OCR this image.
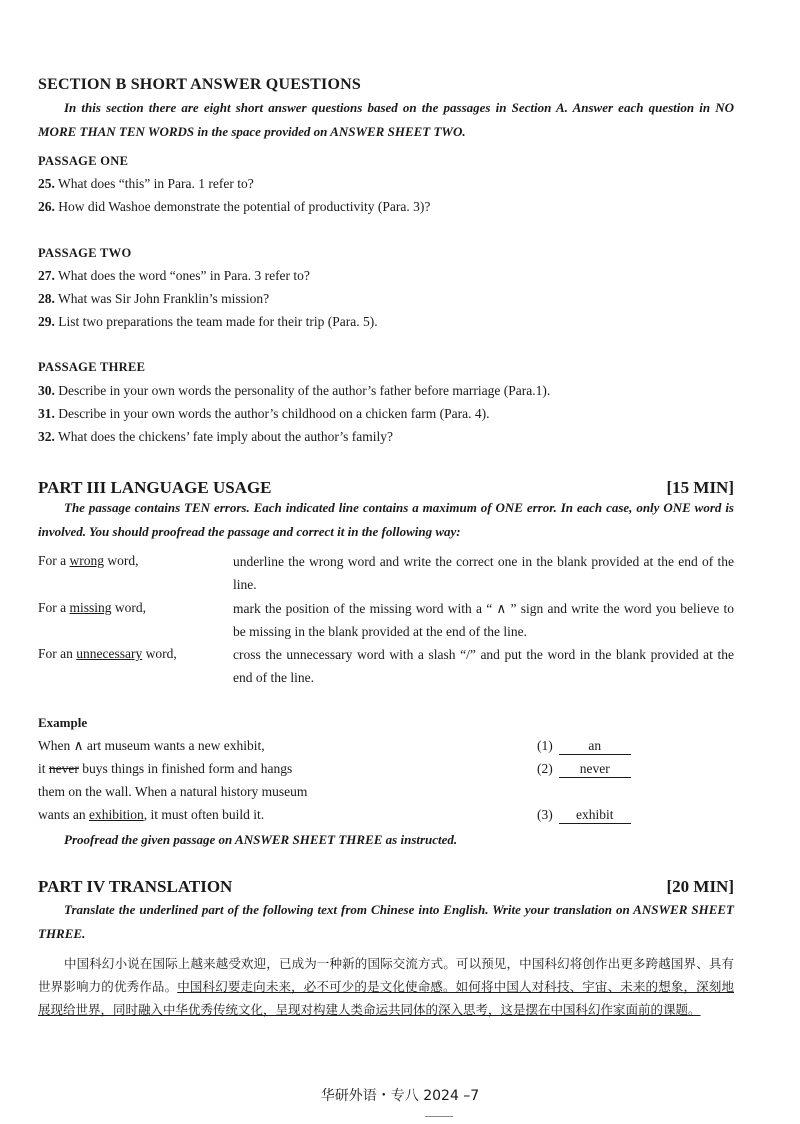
SECTION B SHORT ANSWER QUESTIONS
In this section there are eight short answer questions based on the passages in Section A. Answer each question in NO MORE THAN TEN WORDS in the space provided on ANSWER SHEET TWO.
PASSAGE ONE
25. What does “this” in Para. 1 refer to?
26. How did Washoe demonstrate the potential of productivity (Para. 3)?
PASSAGE TWO
27. What does the word “ones” in Para. 3 refer to?
28. What was Sir John Franklin’s mission?
29. List two preparations the team made for their trip (Para. 5).
PASSAGE THREE
30. Describe in your own words the personality of the author’s father before marriage (Para.1).
31. Describe in your own words the author’s childhood on a chicken farm (Para. 4).
32. What does the chickens’ fate imply about the author’s family?
PART III LANGUAGE USAGE	[15 MIN]
The passage contains TEN errors. Each indicated line contains a maximum of ONE error. In each case, only ONE word is involved. You should proofread the passage and correct it in the following way:
For a wrong word,	underline the wrong word and write the correct one in the blank provided at the end of the line.
For a missing word,	mark the position of the missing word with a “ ∧ ” sign and write the word you believe to be missing in the blank provided at the end of the line.
For an unnecessary word,	cross the unnecessary word with a slash “/” and put the word in the blank provided at the end of the line.
Example
When ∧ art museum wants a new exhibit,
it never buys things in finished form and hangs
them on the wall. When a natural history museum
wants an exhibition, it must often build it.
(1)	an
(2) never
(3) exhibit
Proofread the given passage on ANSWER SHEET THREE as instructed.
PART IV TRANSLATION	[20 MIN]
Translate the underlined part of the following text from Chinese into English. Write your translation on ANSWER SHEET THREE.
中国科幻小说在国际上越来越受欢迎，已成为一种新的国际交流方式。可以预见，中国科幻将创作出更多跨越国界、具有世界影响力的优秀作品。中国科幻要走向未来，必不可少的是文化使命感。如何将中国人对科技、宇宙、未来的想象，深刻地展现给世界，同时融入中华优秀传统文化，呈现对构建人类命运共同体的深入思考，这是摆在中国科幻作家面前的课题。
华研外语・专八 2024 –7
